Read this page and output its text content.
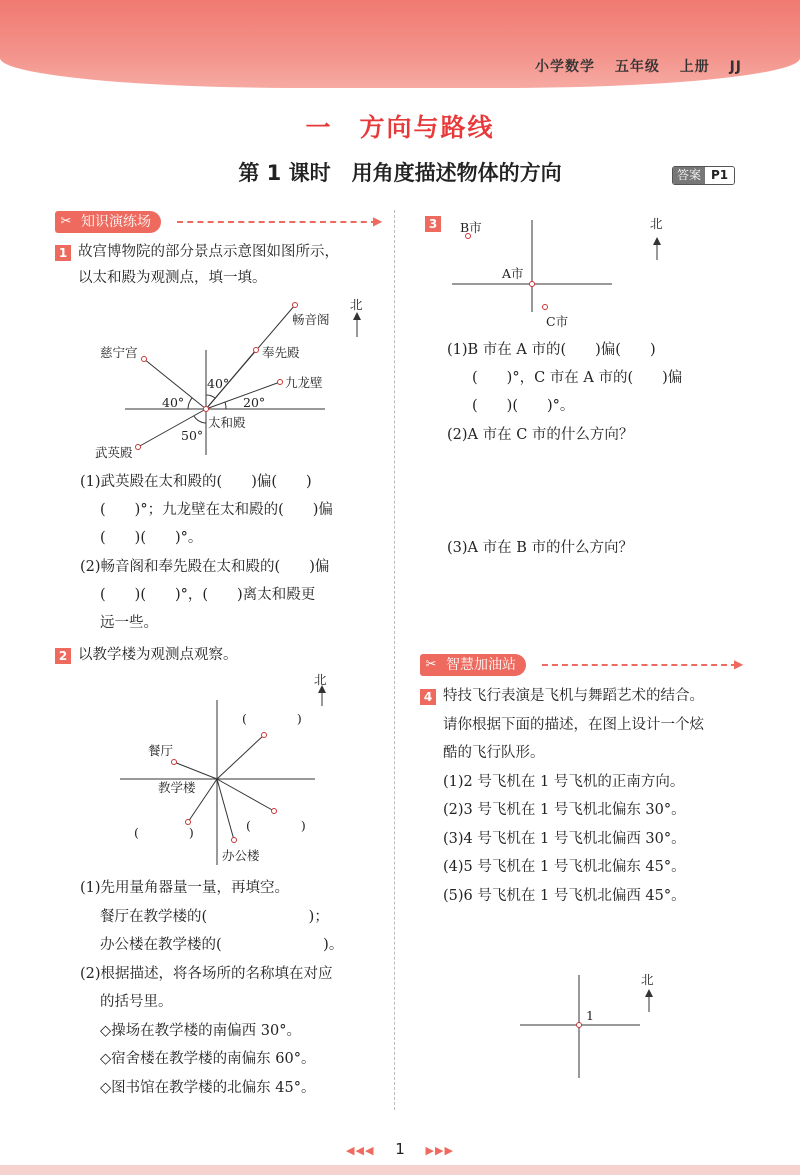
小学数学 五年级 上册 JJ
一　方向与路线
第 1 课时　用角度描述物体的方向	答案 P1
知识演练场
✂	▶
1 故宫博物院的部分景点示意图如图所示，
以太和殿为观测点，填一填。
北
畅音阁
慈宁宫	奉先殿
九龙壁
武英殿
太和殿
40°
40°
20°
50°
(1)武英殿在太和殿的(　　)偏(　　)
(　　)°；九龙壁在太和殿的(　　)偏
(　　)(　　)°。
(2)畅音阁和奉先殿在太和殿的(　　)偏
(　　)(　　)°，(　　)离太和殿更
远一些。
2 以教学楼为观测点观察。
北
餐厅
办公楼
教学楼
(　　　　)
(　　　　)	(　　　　)
(1)先用量角器量一量，再填空。
餐厅在教学楼的(　　　　　　　)；
办公楼在教学楼的(　　　　　　　)。
(2)根据描述，将各场所的名称填在对应
的括号里。
◇操场在教学楼的南偏西 30°。
◇宿舍楼在教学楼的南偏东 60°。
◇图书馆在教学楼的北偏东 45°。
3	北
B市
A市
C市
(1)B 市在 A 市的(　　)偏(　　)
(　　)°，C 市在 A 市的(　　)偏
(　　)(　　)°。
(2)A 市在 C 市的什么方向？
(3)A 市在 B 市的什么方向？
智慧加油站
✂	▶
4 特技飞行表演是飞机与舞蹈艺术的结合。
请你根据下面的描述，在图上设计一个炫
酷的飞行队形。
(1)2 号飞机在 1 号飞机的正南方向。
(2)3 号飞机在 1 号飞机北偏东 30°。
(3)4 号飞机在 1 号飞机北偏西 30°。
(4)5 号飞机在 1 号飞机北偏东 45°。
(5)6 号飞机在 1 号飞机北偏西 45°。
1
北
◀◀◀ 1 ▶▶▶
